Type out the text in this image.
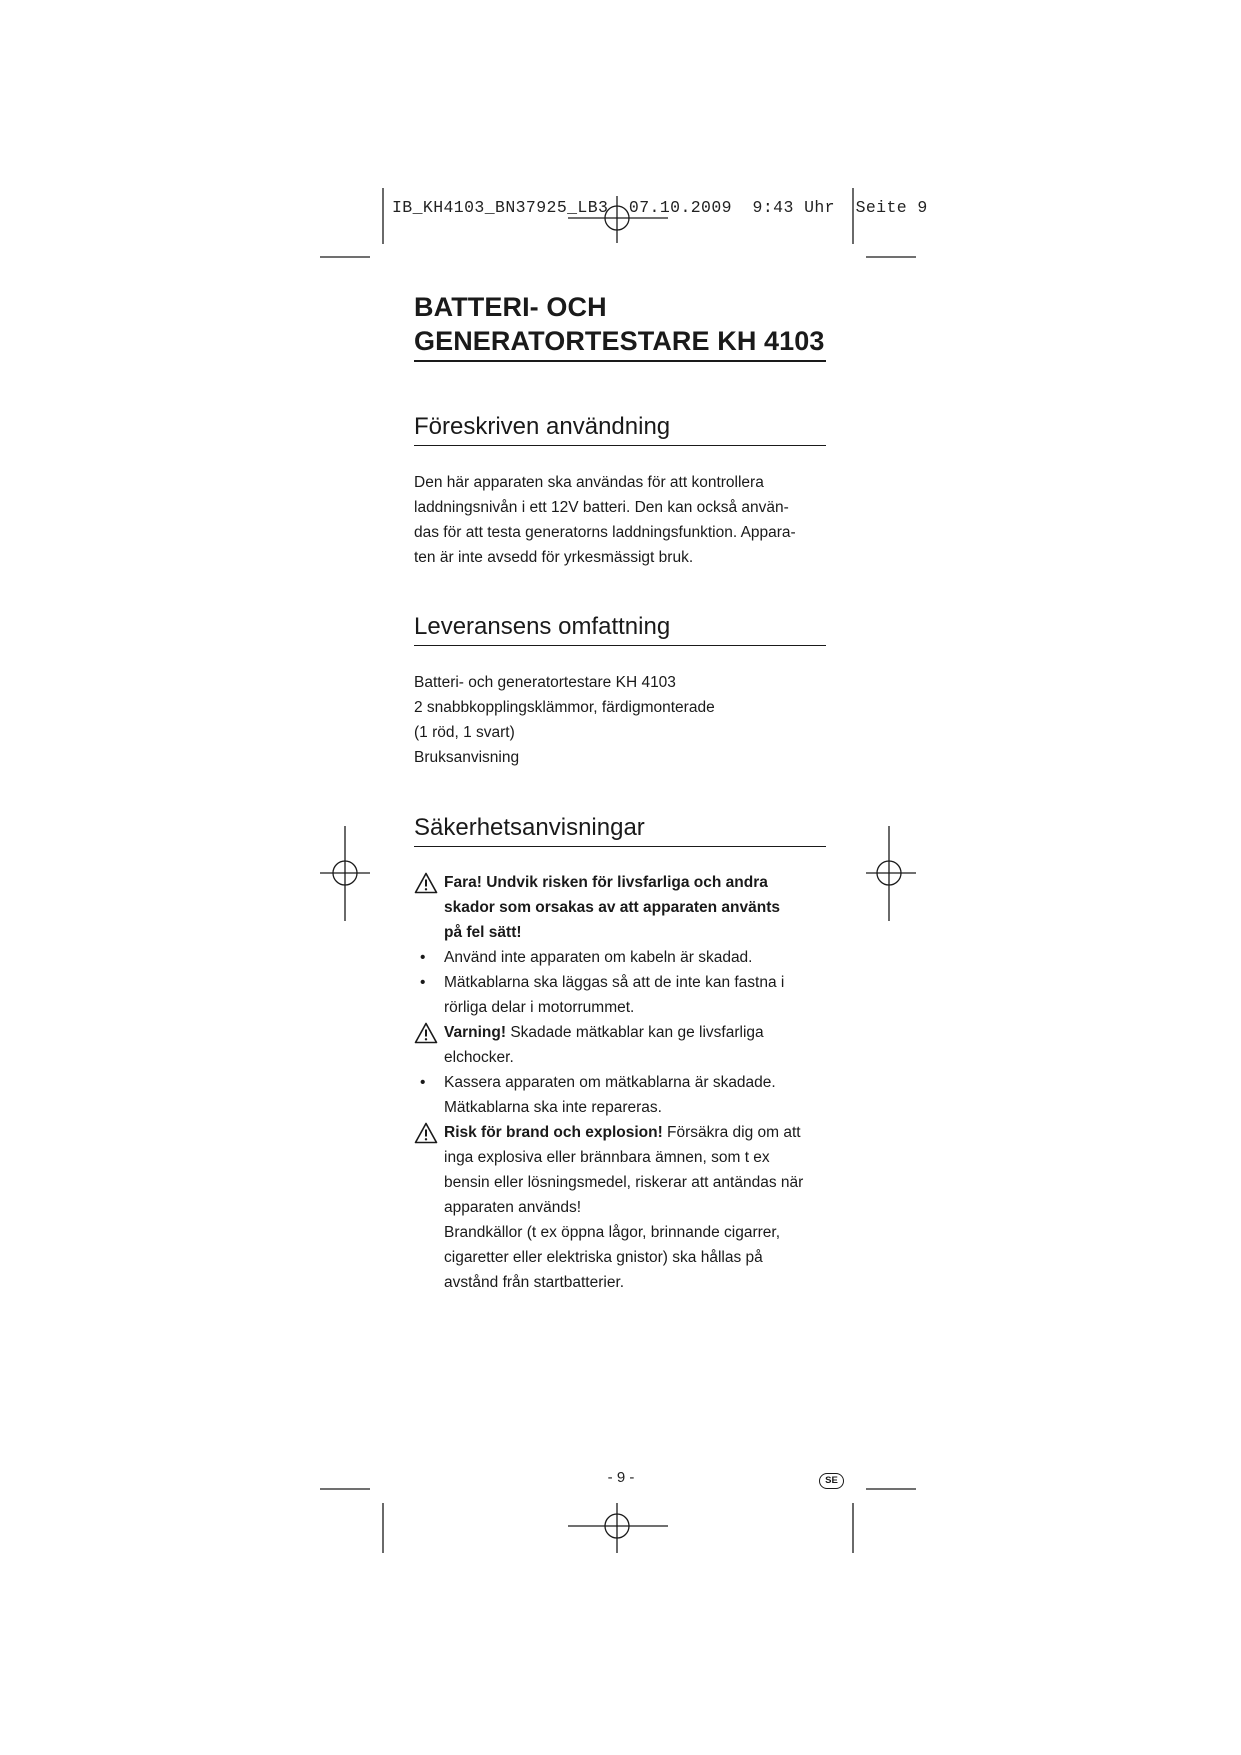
IB_KH4103_BN37925_LB3  07.10.2009  9:43 Uhr  Seite 9
BATTERI- OCH
GENERATORTESTARE KH 4103
Föreskriven användning
Den här apparaten ska användas för att kontrollera
laddningsnivån i ett 12V batteri. Den kan också använ-
das för att testa generatorns laddningsfunktion. Appara-
ten är inte avsedd för yrkesmässigt bruk.
Leveransens omfattning
Batteri- och generatortestare KH 4103
2 snabbkopplingsklämmor, färdigmonterade
(1 röd, 1 svart)
Bruksanvisning
Säkerhetsanvisningar
Fara! Undvik risken för livsfarliga och andra
skador som orsakas av att apparaten använts
på fel sätt!
• Använd inte apparaten om kabeln är skadad.
• Mätkablarna ska läggas så att de inte kan fastna i
rörliga delar i motorrummet.
Varning! Skadade mätkablar kan ge livsfarliga
elchocker.
• Kassera apparaten om mätkablarna är skadade.
Mätkablarna ska inte repareras.
Risk för brand och explosion! Försäkra dig om att
inga explosiva eller brännbara ämnen, som t ex
bensin eller lösningsmedel, riskerar att antändas när
apparaten används!
Brandkällor (t ex öppna lågor, brinnande cigarrer,
cigaretter eller elektriska gnistor) ska hållas på
avstånd från startbatterier.
- 9 -	SE
